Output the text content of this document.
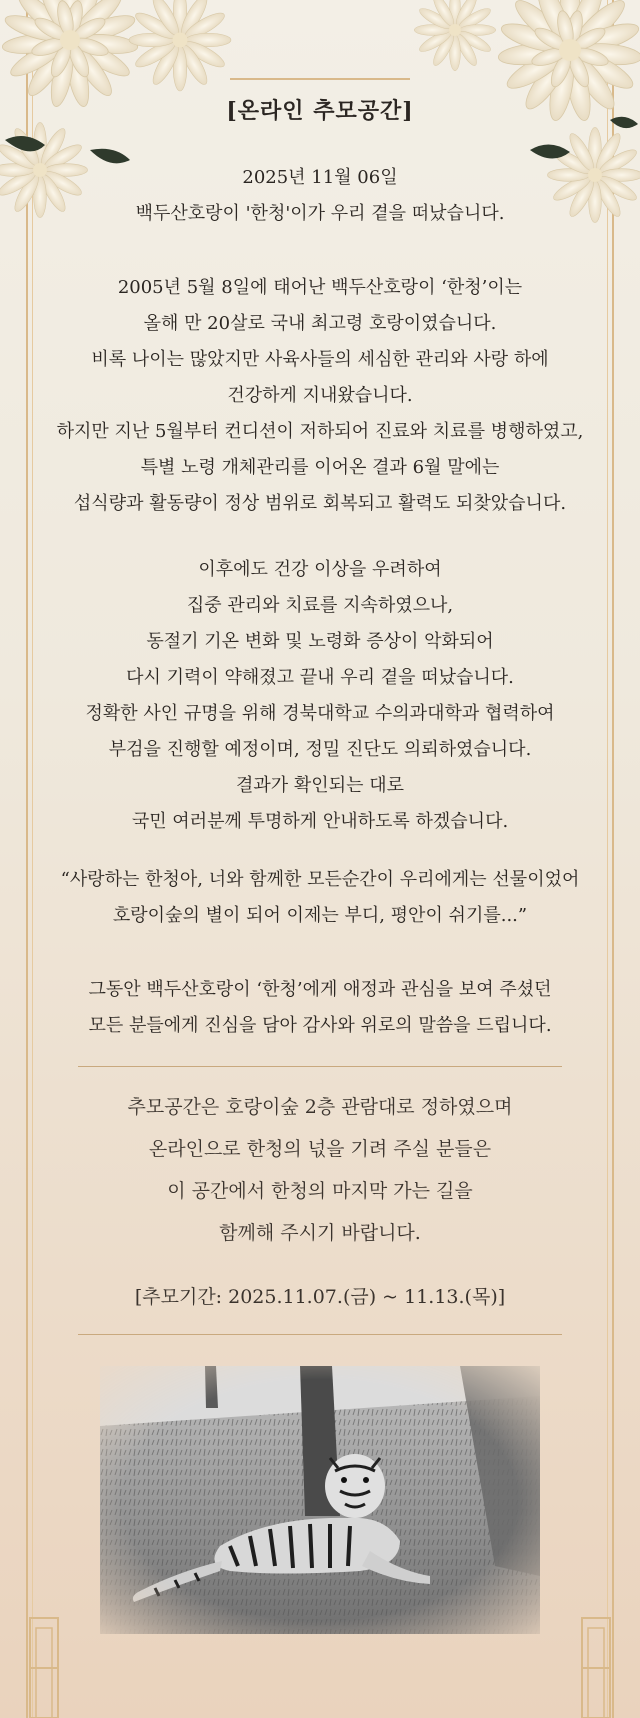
[온라인 추모공간]

2025년 11월 06일

백두산호랑이 '한청'이가 우리 곁을 떠났습니다.

2005년 5월 8일에 태어난 백두산호랑이 ‘한청’이는

올해 만 20살로 국내 최고령 호랑이였습니다.

비록 나이는 많았지만 사육사들의 세심한 관리와 사랑 하에

건강하게 지내왔습니다.

하지만 지난 5월부터 컨디션이 저하되어 진료와 치료를 병행하였고,

특별 노령 개체관리를 이어온 결과 6월 말에는

섭식량과 활동량이 정상 범위로 회복되고 활력도 되찾았습니다.

이후에도 건강 이상을 우려하여

집중 관리와 치료를 지속하였으나,

동절기 기온 변화 및 노령화 증상이 악화되어

다시 기력이 약해졌고 끝내 우리 곁을 떠났습니다.

정확한 사인 규명을 위해 경북대학교 수의과대학과 협력하여

부검을 진행할 예정이며, 정밀 진단도 의뢰하였습니다.

결과가 확인되는 대로

국민 여러분께 투명하게 안내하도록 하겠습니다.

“사랑하는 한청아, 너와 함께한 모든순간이 우리에게는 선물이었어

호랑이숲의 별이 되어 이제는 부디, 평안이 쉬기를...”

그동안 백두산호랑이 ‘한청’에게 애정과 관심을 보여 주셨던

모든 분들에게 진심을 담아 감사와 위로의 말씀을 드립니다.

추모공간은 호랑이숲 2층 관람대로 정하였으며

온라인으로 한청의 넋을 기려 주실 분들은

이 공간에서 한청의 마지막 가는 길을

함께해 주시기 바랍니다.

[추모기간: 2025.11.07.(금) ~ 11.13.(목)]
